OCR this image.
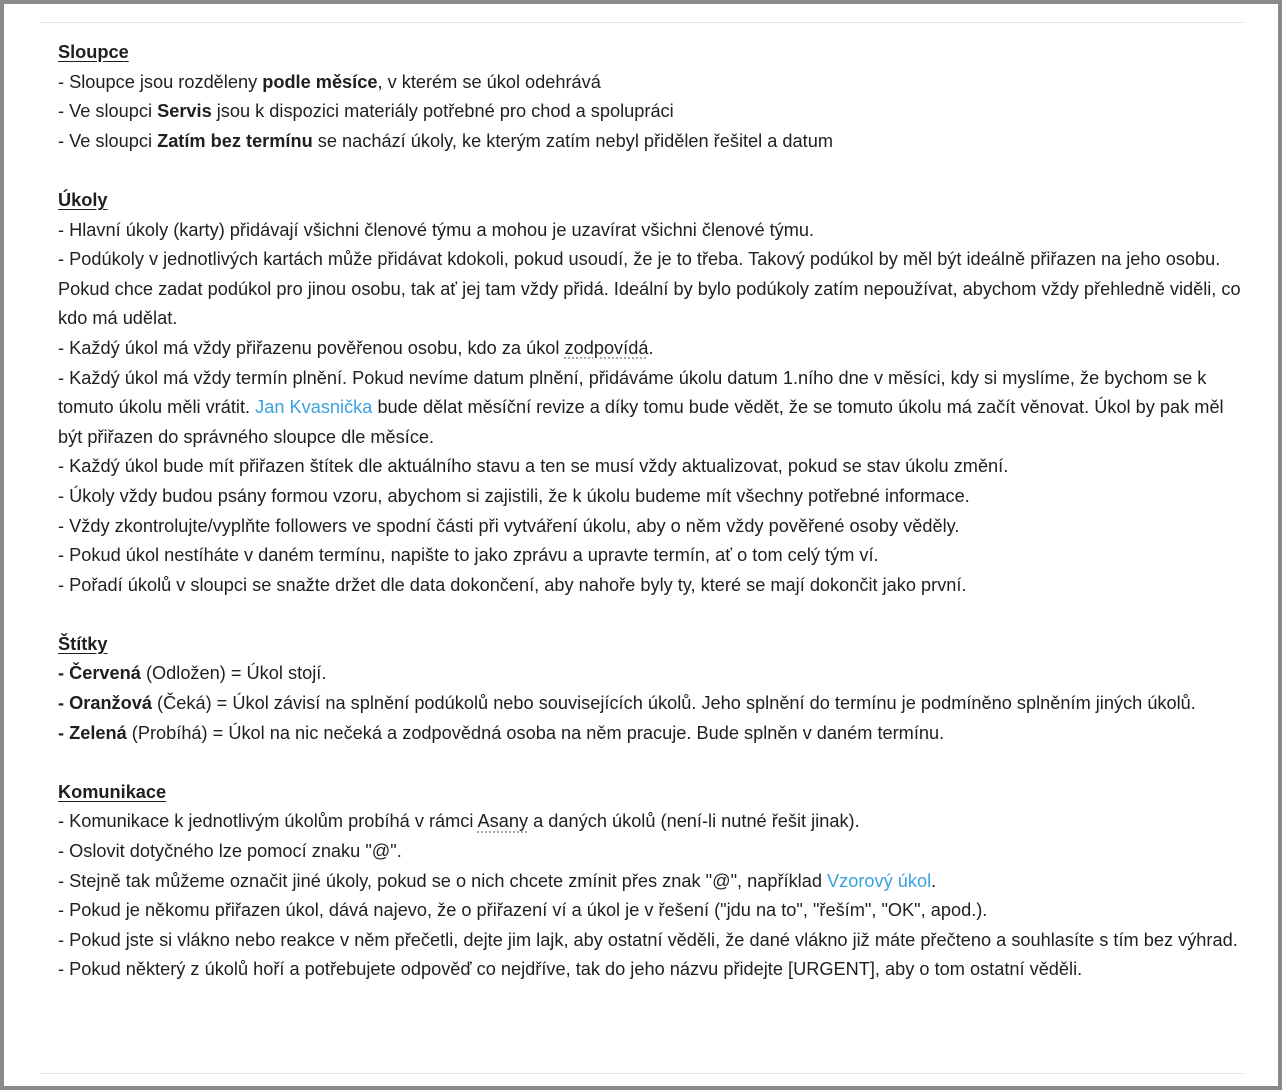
Sloupce
- Sloupce jsou rozděleny podle měsíce, v kterém se úkol odehrává
- Ve sloupci Servis jsou k dispozici materiály potřebné pro chod a spolupráci
- Ve sloupci Zatím bez termínu se nachází úkoly, ke kterým zatím nebyl přidělen řešitel a datum
Úkoly
- Hlavní úkoly (karty) přidávají všichni členové týmu a mohou je uzavírat všichni členové týmu.
- Podúkoly v jednotlivých kartách může přidávat kdokoli, pokud usoudí, že je to třeba. Takový podúkol by měl být ideálně přiřazen na jeho osobu. Pokud chce zadat podúkol pro jinou osobu, tak ať jej tam vždy přidá. Ideální by bylo podúkoly zatím nepoužívat, abychom vždy přehledně viděli, co kdo má udělat.
- Každý úkol má vždy přiřazenu pověřenou osobu, kdo za úkol zodpovídá.
- Každý úkol má vždy termín plnění. Pokud nevíme datum plnění, přidáváme úkolu datum 1.ního dne v měsíci, kdy si myslíme, že bychom se k tomuto úkolu měli vrátit. Jan Kvasnička bude dělat měsíční revize a díky tomu bude vědět, že se tomuto úkolu má začít věnovat. Úkol by pak měl být přiřazen do správného sloupce dle měsíce.
- Každý úkol bude mít přiřazen štítek dle aktuálního stavu a ten se musí vždy aktualizovat, pokud se stav úkolu změní.
- Úkoly vždy budou psány formou vzoru, abychom si zajistili, že k úkolu budeme mít všechny potřebné informace.
- Vždy zkontrolujte/vyplňte followers ve spodní části při vytváření úkolu, aby o něm vždy pověřené osoby věděly.
- Pokud úkol nestíháte v daném termínu, napište to jako zprávu a upravte termín, ať o tom celý tým ví.
- Pořadí úkolů v sloupci se snažte držet dle data dokončení, aby nahoře byly ty, které se mají dokončit jako první.
Štítky
- Červená (Odložen) = Úkol stojí.
- Oranžová (Čeká) = Úkol závisí na splnění podúkolů nebo souvisejících úkolů. Jeho splnění do termínu je podmíněno splněním jiných úkolů.
- Zelená (Probíhá) = Úkol na nic nečeká a zodpovědná osoba na něm pracuje. Bude splněn v daném termínu.
Komunikace
- Komunikace k jednotlivým úkolům probíhá v rámci Asany a daných úkolů (není-li nutné řešit jinak).
- Oslovit dotyčného lze pomocí znaku "@".
- Stejně tak můžeme označit jiné úkoly, pokud se o nich chcete zmínit přes znak "@", například Vzorový úkol.
- Pokud je někomu přiřazen úkol, dává najevo, že o přiřazení ví a úkol je v řešení ("jdu na to", "řeším", "OK", apod.).
- Pokud jste si vlákno nebo reakce v něm přečetli, dejte jim lajk, aby ostatní věděli, že dané vlákno již máte přečteno a souhlasíte s tím bez výhrad.
- Pokud některý z úkolů hoří a potřebujete odpověď co nejdříve, tak do jeho názvu přidejte [URGENT], aby o tom ostatní věděli.
